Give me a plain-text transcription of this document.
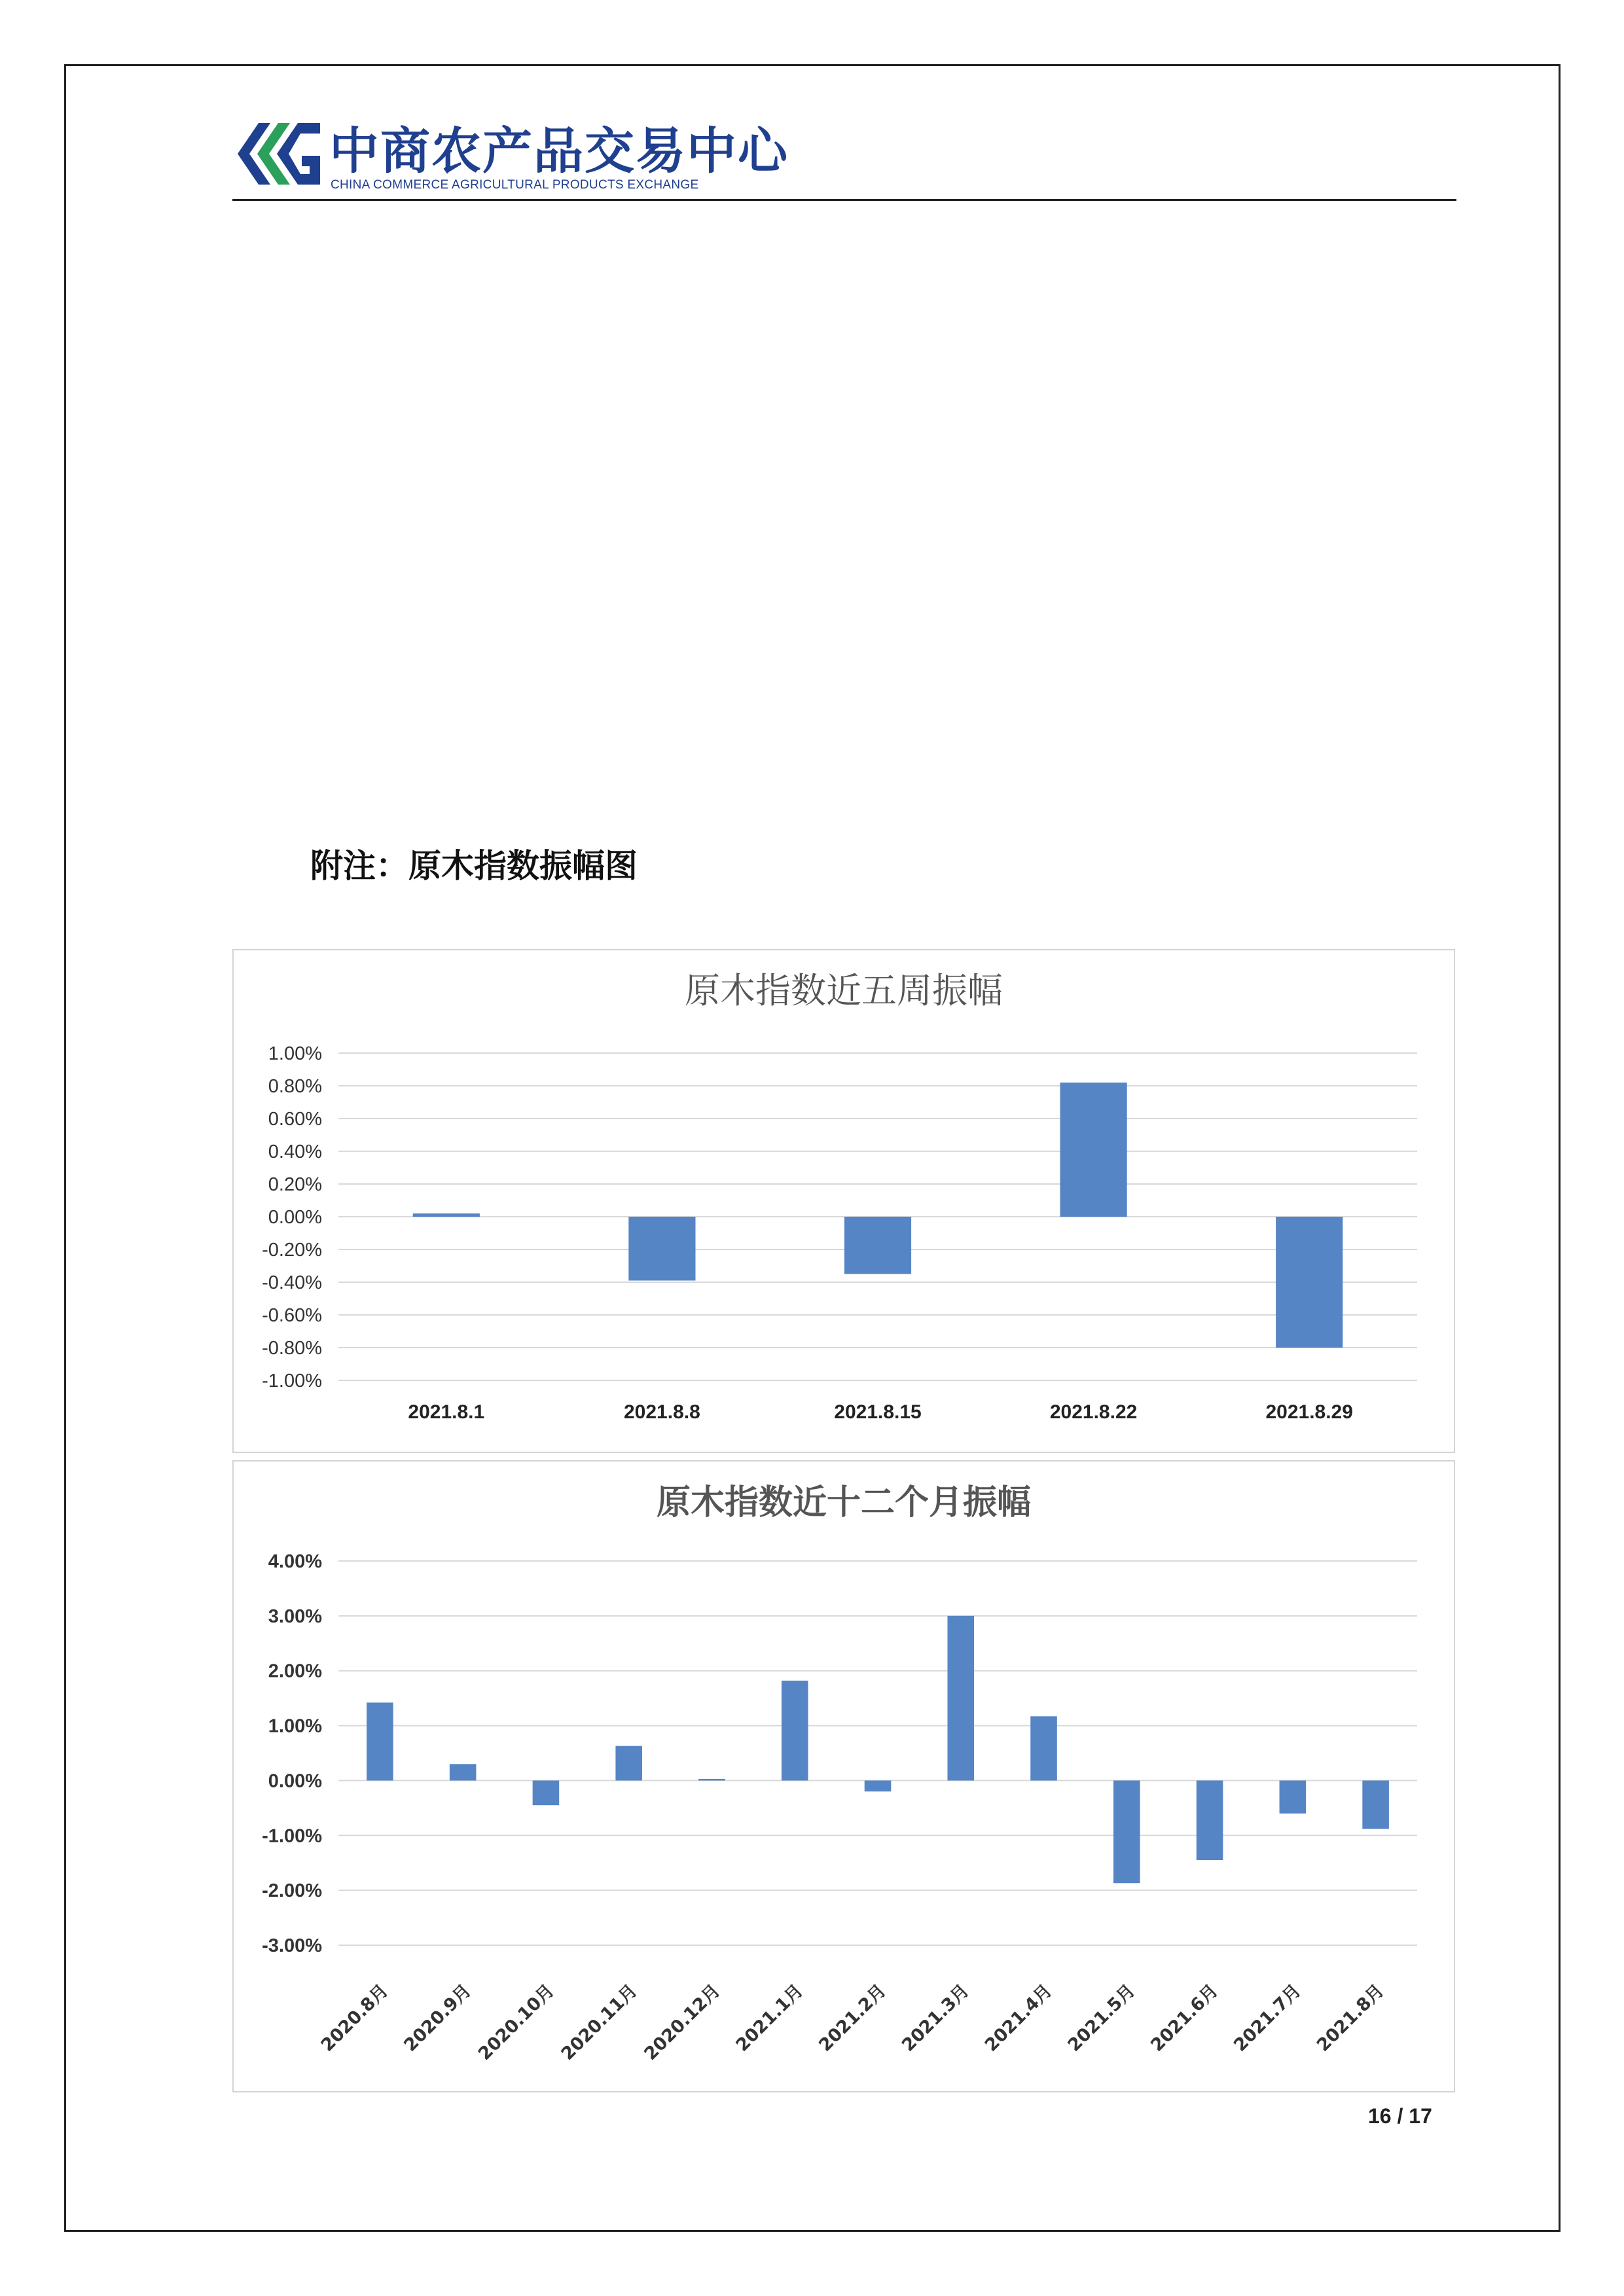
中商农产品交易中心
CHINA COMMERCE AGRICULTURAL PRODUCTS EXCHANGE
附注：原木指数振幅图
原木指数近五周振幅
-1.00%
-0.80%
-0.60%
-0.40%
-0.20%
0.00%
0.20%
0.40%
0.60%
0.80%
1.00%
2021.8.1	2021.8.8	2021.8.15	2021.8.22	2021.8.29
原木指数近十二个月振幅
-3.00%
-2.00%
-1.00%
0.00%
1.00%
2.00%
3.00%
4.00%
2020.8月 2020.9月
2020.10月
2020.11月
2020.12月 2021.1月 2021.2月 2021.3月 2021.4月 2021.5月 2021.6月 2021.7月 2021.8月
16 / 17
